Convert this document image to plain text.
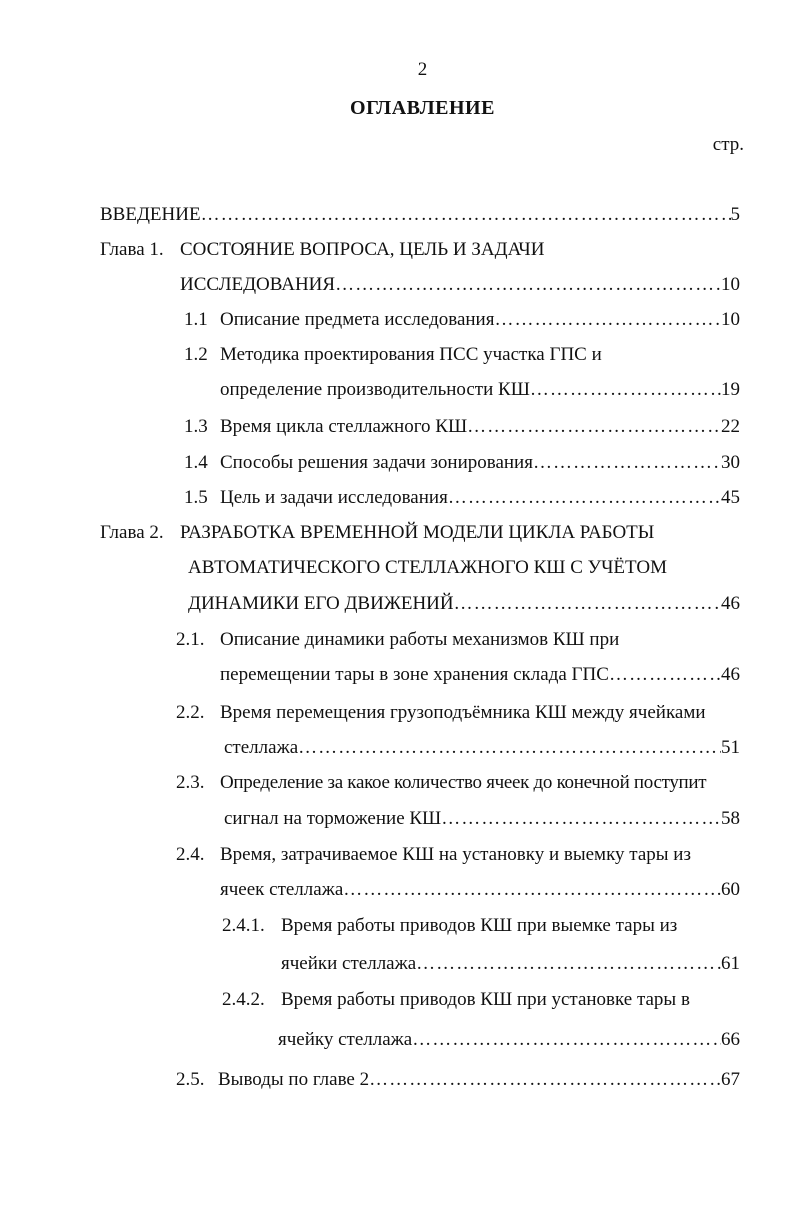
2
ОГЛАВЛЕНИЕ
стр.
ВВЕДЕНИЕ …………………………………………………………………………………………………………………………………	5
Глава 1. СОСТОЯНИЕ ВОПРОСА, ЦЕЛЬ И ЗАДАЧИ
ИССЛЕДОВАНИЯ …………………………………………………………………………………………………………………………………	10
1.1 Описание предмета исследования …………………………………………………………………………………………………………………………………	10
1.2 Методика проектирования ПСС участка ГПС и
определение производительности КШ …………………………………………………………………………………………………………………………………	19
1.3 Время цикла стеллажного КШ …………………………………………………………………………………………………………………………………	22
1.4 Способы решения задачи зонирования …………………………………………………………………………………………………………………………………	30
1.5 Цель и задачи исследования …………………………………………………………………………………………………………………………………	45
Глава 2. РАЗРАБОТКА ВРЕМЕННОЙ МОДЕЛИ ЦИКЛА РАБОТЫ
АВТОМАТИЧЕСКОГО СТЕЛЛАЖНОГО КШ С УЧЁТОМ
ДИНАМИКИ ЕГО ДВИЖЕНИЙ …………………………………………………………………………………………………………………………………	46
2.1. Описание динамики работы механизмов КШ при
перемещении тары в зоне хранения склада ГПС …………………………………………………………………………………………………………………………………	46
2.2. Время перемещения грузоподъёмника КШ между ячейками
стеллажа …………………………………………………………………………………………………………………………………	51
2.3. Определение за какое количество ячеек до конечной поступит
сигнал на торможение КШ …………………………………………………………………………………………………………………………………	58
2.4. Время, затрачиваемое КШ на установку и выемку тары из
ячеек стеллажа …………………………………………………………………………………………………………………………………	60
2.4.1. Время работы приводов КШ при выемке тары из
ячейки стеллажа …………………………………………………………………………………………………………………………………	61
2.4.2. Время работы приводов КШ при установке тары в
ячейку стеллажа …………………………………………………………………………………………………………………………………	66
2.5. Выводы по главе 2 …………………………………………………………………………………………………………………………………	67
